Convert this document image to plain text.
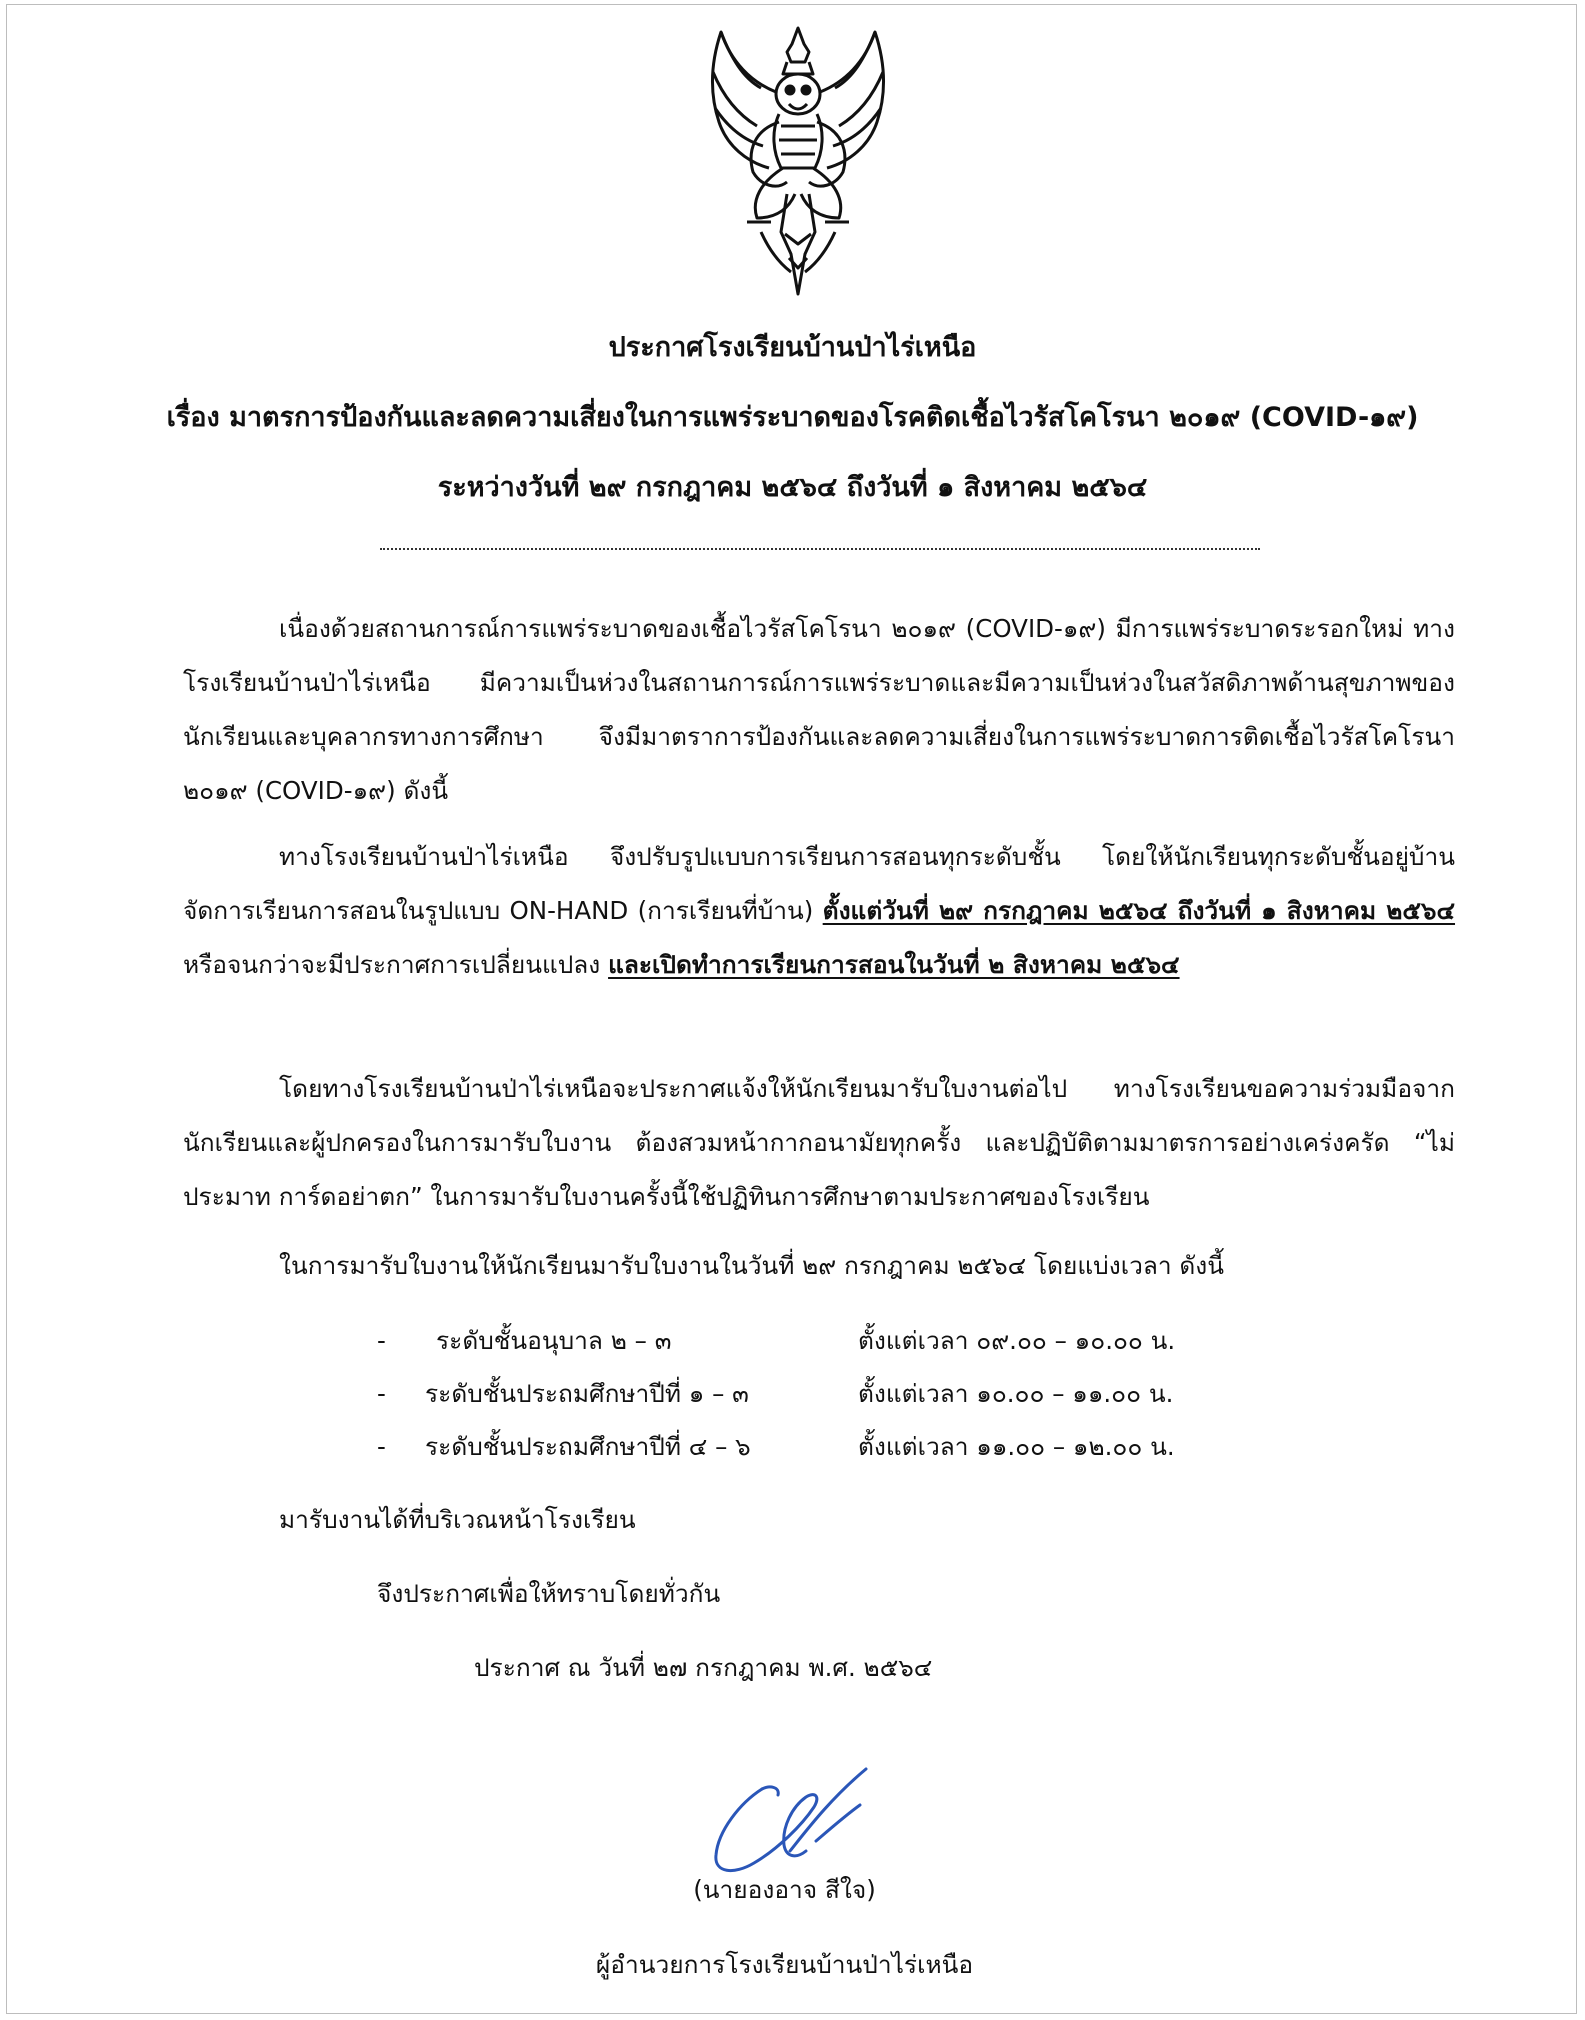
ประกาศโรงเรียนบ้านป่าไร่เหนือ
เรื่อง มาตรการป้องกันและลดความเสี่ยงในการแพร่ระบาดของโรคติดเชื้อไวรัสโคโรนา ๒๐๑๙ (COVID-๑๙)
ระหว่างวันที่ ๒๙ กรกฎาคม ๒๕๖๔ ถึงวันที่ ๑ สิงหาคม ๒๕๖๔
เนื่องด้วยสถานการณ์การแพร่ระบาดของเชื้อไวรัสโคโรนา ๒๐๑๙ (COVID-๑๙) มีการแพร่ระบาดระรอกใหม่ ทางโรงเรียนบ้านป่าไร่เหนือ มีความเป็นห่วงในสถานการณ์การแพร่ระบาดและมีความเป็นห่วงในสวัสดิภาพด้านสุขภาพของนักเรียนและบุคลากรทางการศึกษา จึงมีมาตราการป้องกันและลดความเสี่ยงในการแพร่ระบาดการติดเชื้อไวรัสโคโรนา ๒๐๑๙ (COVID-๑๙) ดังนี้
ทางโรงเรียนบ้านป่าไร่เหนือ จึงปรับรูปแบบการเรียนการสอนทุกระดับชั้น โดยให้นักเรียนทุกระดับชั้นอยู่บ้าน จัดการเรียนการสอนในรูปแบบ ON-HAND (การเรียนที่บ้าน) ตั้งแต่วันที่ ๒๙ กรกฎาคม ๒๕๖๔ ถึงวันที่ ๑ สิงหาคม ๒๕๖๔ หรือจนกว่าจะมีประกาศการเปลี่ยนแปลง และเปิดทำการเรียนการสอนในวันที่ ๒ สิงหาคม ๒๕๖๔
โดยทางโรงเรียนบ้านป่าไร่เหนือจะประกาศแจ้งให้นักเรียนมารับใบงานต่อไป ทางโรงเรียนขอความร่วมมือจากนักเรียนและผู้ปกครองในการมารับใบงาน ต้องสวมหน้ากากอนามัยทุกครั้ง และปฏิบัติตามมาตรการอย่างเคร่งครัด “ไม่ประมาท การ์ดอย่าตก” ในการมารับใบงานครั้งนี้ใช้ปฏิทินการศึกษาตามประกาศของโรงเรียน
ในการมารับใบงานให้นักเรียนมารับใบงานในวันที่ ๒๙ กรกฎาคม ๒๕๖๔ โดยแบ่งเวลา ดังนี้
- ระดับชั้นอนุบาล ๒ – ๓	ตั้งแต่เวลา ๐๙.๐๐ – ๑๐.๐๐ น.
- ระดับชั้นประถมศึกษาปีที่ ๑ – ๓	ตั้งแต่เวลา ๑๐.๐๐ – ๑๑.๐๐ น.
- ระดับชั้นประถมศึกษาปีที่ ๔ – ๖	ตั้งแต่เวลา ๑๑.๐๐ – ๑๒.๐๐ น.
มารับงานได้ที่บริเวณหน้าโรงเรียน
จึงประกาศเพื่อให้ทราบโดยทั่วกัน
ประกาศ ณ วันที่ ๒๗ กรกฎาคม พ.ศ. ๒๕๖๔
(นายองอาจ สีใจ)
ผู้อำนวยการโรงเรียนบ้านป่าไร่เหนือ
